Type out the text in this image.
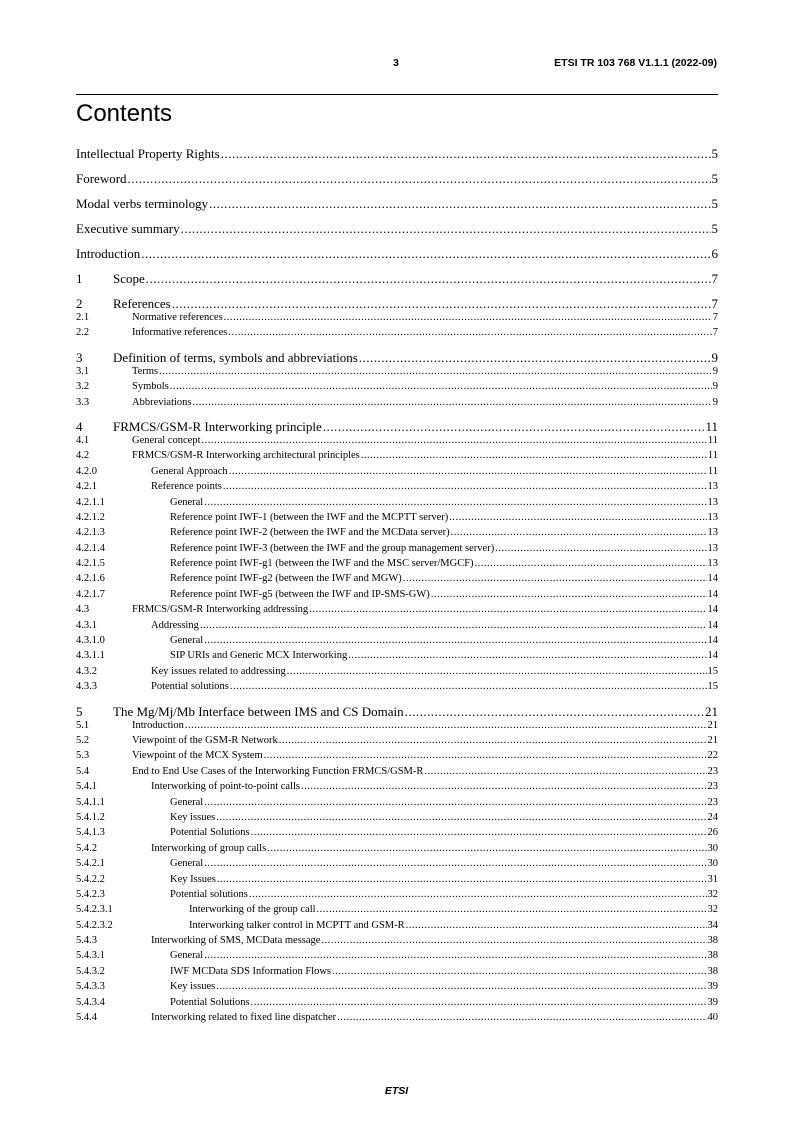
3	ETSI TR 103 768 V1.1.1 (2022-09)
Contents
Intellectual Property Rights .....	5
Foreword .....	5
Modal verbs terminology .....	5
Executive summary .....	5
Introduction .....	6
1 Scope .....	7
2 References .....	7
2.1	Normative references .....	7
2.2	Informative references .....	7
3 Definition of terms, symbols and abbreviations .....	9
3.1	Terms .....	9
3.2	Symbols .....	9
3.3	Abbreviations .....	9
4 FRMCS/GSM-R Interworking principle .....	11
4.1	General concept .....	11
4.2	FRMCS/GSM-R Interworking architectural principles .....	11
4.2.0	General Approach .....	11
4.2.1	Reference points .....	13
4.2.1.1	General .....	13
4.2.1.2	Reference point IWF-1 (between the IWF and the MCPTT server) .....	13
4.2.1.3	Reference point IWF-2 (between the IWF and the MCData server) .....	13
4.2.1.4	Reference point IWF-3 (between the IWF and the group management server) .....	13
4.2.1.5	Reference point IWF-g1 (between the IWF and the MSC server/MGCF) .....	13
4.2.1.6	Reference point IWF-g2 (between the IWF and MGW) .....	14
4.2.1.7	Reference point IWF-g5 (between the IWF and IP-SMS-GW) .....	14
4.3	FRMCS/GSM-R Interworking addressing .....	14
4.3.1	Addressing .....	14
4.3.1.0	General .....	14
4.3.1.1	SIP URIs and Generic MCX Interworking .....	14
4.3.2	Key issues related to addressing .....	15
4.3.3	Potential solutions .....	15
5 The Mg/Mj/Mb Interface between IMS and CS Domain .....	21
5.1	Introduction .....	21
5.2	Viewpoint of the GSM-R Network .....	21
5.3	Viewpoint of the MCX System .....	22
5.4	End to End Use Cases of the Interworking Function FRMCS/GSM-R .....	23
5.4.1	Interworking of point-to-point calls .....	23
5.4.1.1	General .....	23
5.4.1.2	Key issues .....	24
5.4.1.3	Potential Solutions .....	26
5.4.2	Interworking of group calls .....	30
5.4.2.1	General .....	30
5.4.2.2	Key Issues .....	31
5.4.2.3	Potential solutions .....	32
5.4.2.3.1	Interworking of the group call .....	32
5.4.2.3.2	Interworking talker control in MCPTT and GSM-R .....	34
5.4.3	Interworking of SMS, MCData message .....	38
5.4.3.1	General .....	38
5.4.3.2	IWF MCData SDS Information Flows .....	38
5.4.3.3	Key issues .....	39
5.4.3.4	Potential Solutions .....	39
5.4.4	Interworking related to fixed line dispatcher .....	40
ETSI
